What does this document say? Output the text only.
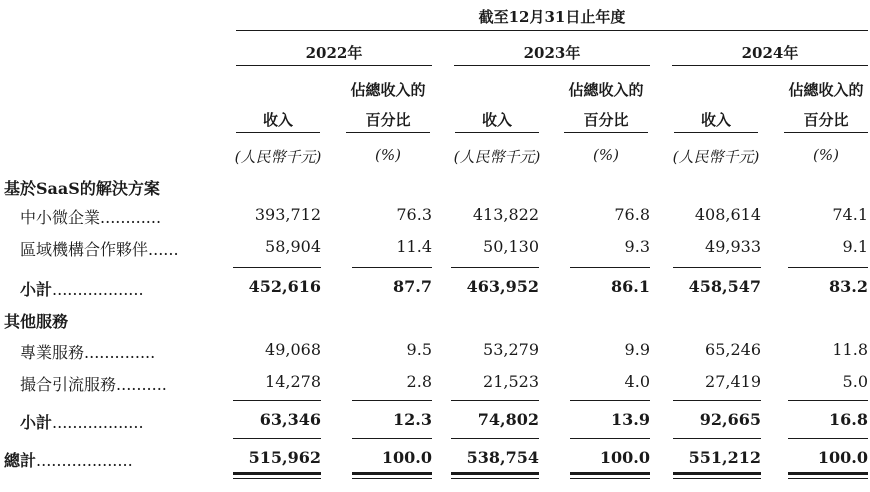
截至12月31日止年度
2022年	2023年	2024年
收入
佔總收入的
百分比
(人民幣千元)	(%)
收入
佔總收入的
百分比
(人民幣千元)	(%)
收入
佔總收入的
百分比
(人民幣千元)	(%)
基於SaaS的解決方案
中小微企業............	393,712	76.3	413,822	76.8	408,614	74.1
區域機構合作夥伴......	58,904	11.4	50,130	9.3	49,933	9.1
小計..................	452,616	87.7	463,952	86.1	458,547	83.2
其他服務
專業服務..............	49,068	9.5	53,279	9.9	65,246	11.8
撮合引流服務..........	14,278	2.8	21,523	4.0	27,419	5.0
小計..................	63,346	12.3	74,802	13.9	92,665	16.8
總計...................	515,962	100.0	538,754	100.0	551,212	100.0
